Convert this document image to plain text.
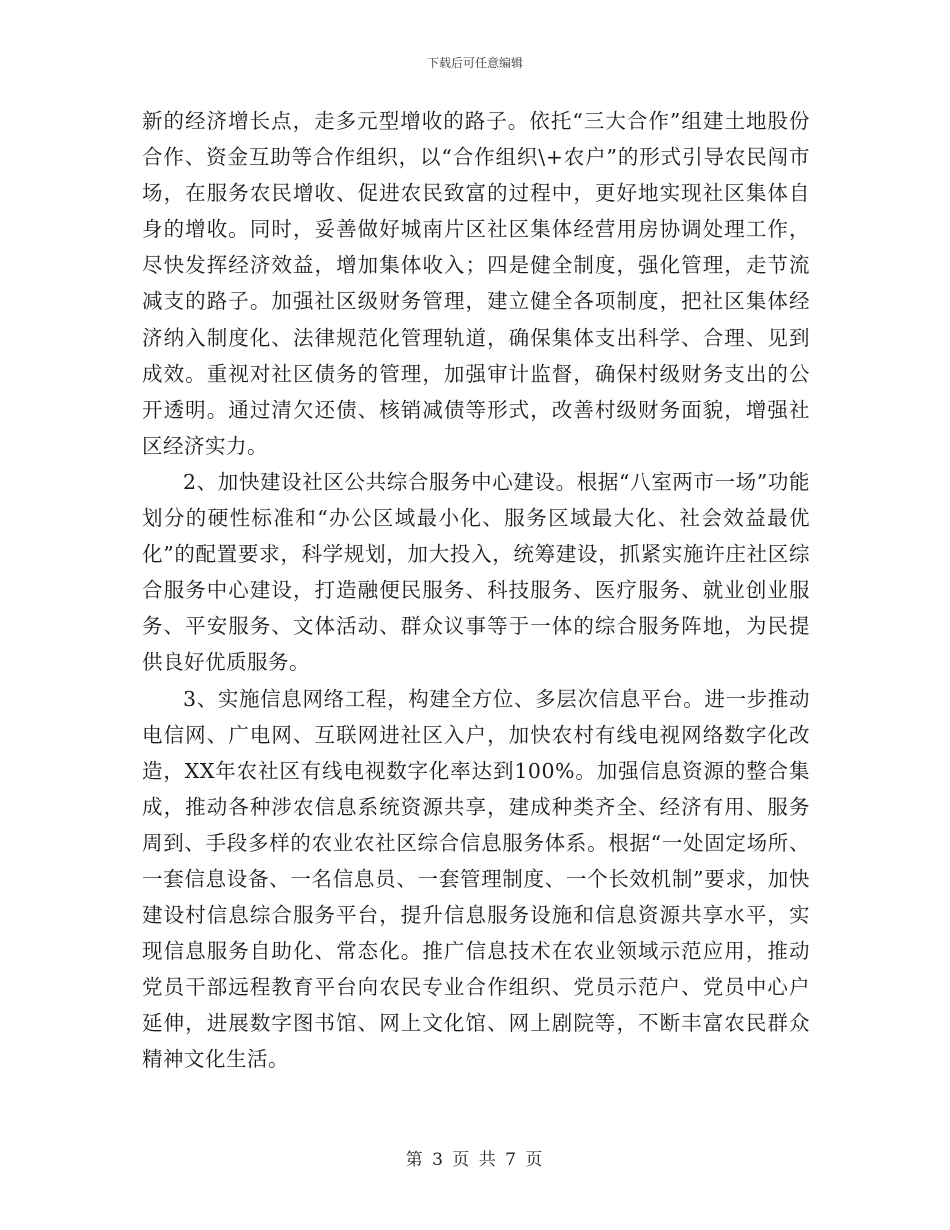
下载后可任意编辑

新的经济增长点，走多元型增收的路子。依托“三大合作”组建土地股份合作、资金互助等合作组织，以“合作组织\+农户”的形式引导农民闯市场，在服务农民增收、促进农民致富的过程中，更好地实现社区集体自身的增收。同时，妥善做好城南片区社区集体经营用房协调处理工作，尽快发挥经济效益，增加集体收入；四是健全制度，强化管理，走节流减支的路子。加强社区级财务管理，建立健全各项制度，把社区集体经济纳入制度化、法律规范化管理轨道，确保集体支出科学、合理、见到成效。重视对社区债务的管理，加强审计监督，确保村级财务支出的公开透明。通过清欠还债、核销减债等形式，改善村级财务面貌，增强社区经济实力。

2、加快建设社区公共综合服务中心建设。根据“八室两市一场”功能划分的硬性标准和“办公区域最小化、服务区域最大化、社会效益最优化”的配置要求，科学规划，加大投入，统筹建设，抓紧实施许庄社区综合服务中心建设，打造融便民服务、科技服务、医疗服务、就业创业服务、平安服务、文体活动、群众议事等于一体的综合服务阵地，为民提供良好优质服务。

3、实施信息网络工程，构建全方位、多层次信息平台。进一步推动电信网、广电网、互联网进社区入户，加快农村有线电视网络数字化改造，XX年农社区有线电视数字化率达到100%。加强信息资源的整合集成，推动各种涉农信息系统资源共享，建成种类齐全、经济有用、服务周到、手段多样的农业农社区综合信息服务体系。根据“一处固定场所、一套信息设备、一名信息员、一套管理制度、一个长效机制”要求，加快建设村信息综合服务平台，提升信息服务设施和信息资源共享水平，实现信息服务自助化、常态化。推广信息技术在农业领域示范应用，推动党员干部远程教育平台向农民专业合作组织、党员示范户、党员中心户延伸，进展数字图书馆、网上文化馆、网上剧院等，不断丰富农民群众精神文化生活。

第 3 页 共 7 页
